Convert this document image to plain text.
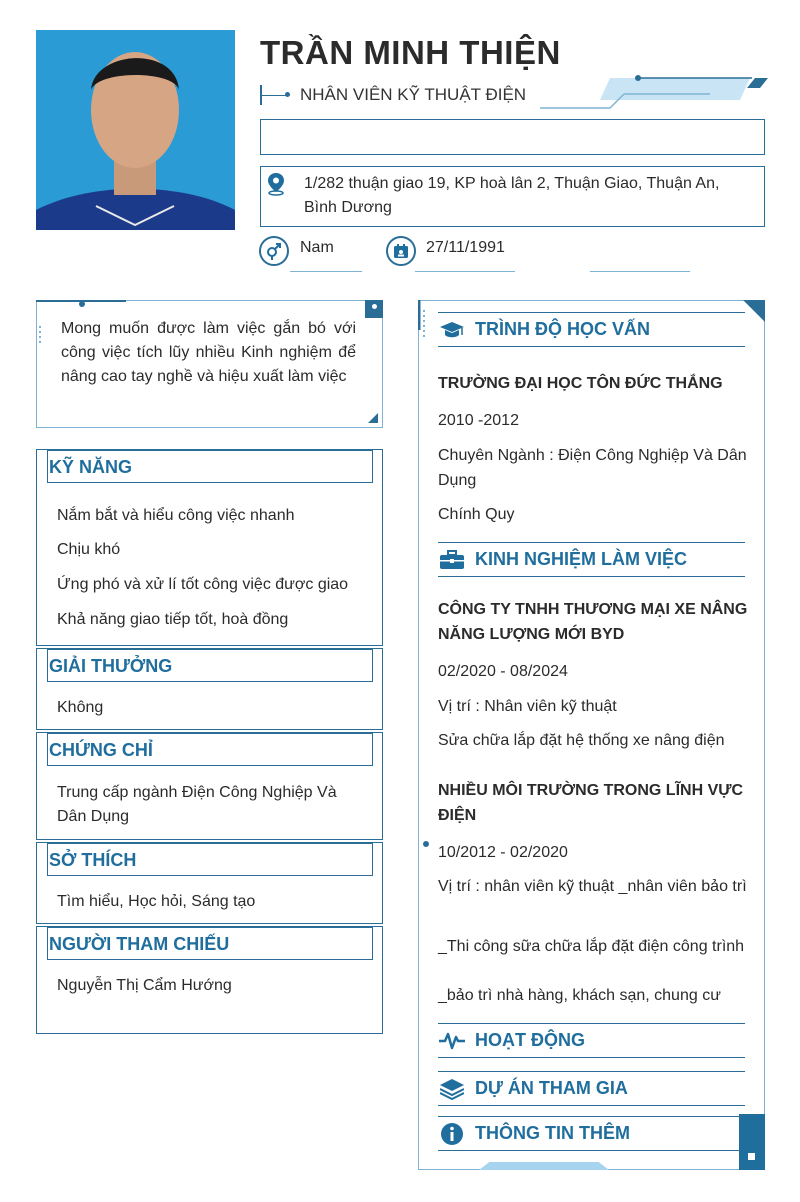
TRẦN MINH THIỆN
NHÂN VIÊN KỸ THUẬT ĐIỆN
1/282 thuận giao 19, KP hoà lân 2, Thuận Giao, Thuận An, Bình Dương
Nam	27/11/1991
Mong muốn được làm việc gắn bó với công việc tích lũy nhiều Kinh nghiệm để nâng cao tay nghề và hiệu xuất làm việc
KỸ NĂNG
Nắm bắt và hiểu công việc nhanh
Chịu khó
Ứng phó và xử lí tốt công việc được giao
Khả năng giao tiếp tốt, hoà đồng
GIẢI THƯỞNG
Không
CHỨNG CHỈ
Trung cấp ngành Điện Công Nghiệp Và Dân Dụng
SỞ THÍCH
Tìm hiểu, Học hỏi, Sáng tạo
NGƯỜI THAM CHIẾU
Nguyễn Thị Cẩm Hướng
TRÌNH ĐỘ HỌC VẤN
TRƯỜNG ĐẠI HỌC TÔN ĐỨC THẮNG
2010 -2012
Chuyên Ngành : Điện Công Nghiệp Và Dân Dụng
Chính Quy
KINH NGHIỆM LÀM VIỆC
CÔNG TY TNHH THƯƠNG MẠI XE NÂNG NĂNG LƯỢNG MỚI BYD
02/2020 - 08/2024
Vị trí : Nhân viên kỹ thuật
Sửa chữa lắp đặt hệ thống xe nâng điện
NHIỀU MÔI TRƯỜNG TRONG LĨNH VỰC ĐIỆN
10/2012 - 02/2020
Vị trí : nhân viên kỹ thuật _nhân viên bảo trì
_Thi công sữa chữa lắp đặt điện công trình
_bảo trì nhà hàng, khách sạn, chung cư
HOẠT ĐỘNG
DỰ ÁN THAM GIA
THÔNG TIN THÊM
